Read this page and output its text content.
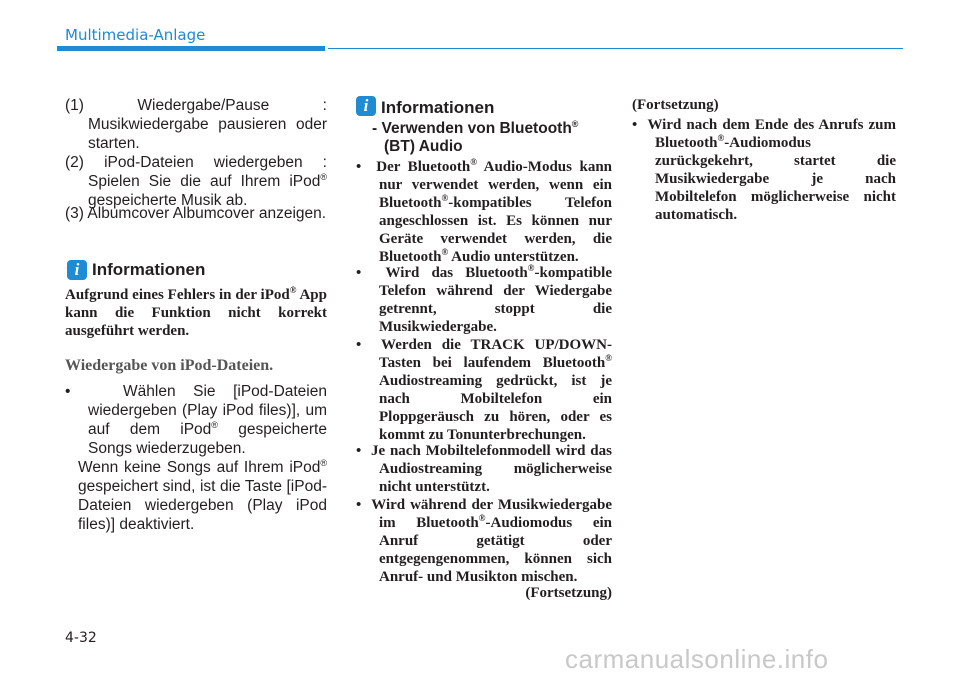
Multimedia-Anlage
(1)	Wiedergabe/Pause : Musikwiedergabe pausieren oder starten.
(2) iPod-Dateien wiedergeben : Spielen Sie die auf Ihrem iPod® gespeicherte Musik ab.
(3) Albumcover Albumcover anzeigen.
i Informationen
Aufgrund eines Fehlers in der iPod® App kann die Funktion nicht korrekt ausgeführt werden.
Wiedergabe von iPod-Dateien.
•	Wählen Sie [iPod-Dateien wiedergeben (Play iPod files)], um auf dem iPod® gespeicherte Songs wiederzugeben.
Wenn keine Songs auf Ihrem iPod® gespeichert sind, ist die Taste [iPod-Dateien wiedergeben (Play iPod files)] deaktiviert.
i Informationen
- Verwenden von Bluetooth®
(BT) Audio
• Der Bluetooth® Audio-Modus kann nur verwendet werden, wenn ein Bluetooth®-kompatibles Telefon angeschlossen ist. Es können nur Geräte verwendet werden, die Bluetooth® Audio unterstützen.
• Wird das Bluetooth®-kompatible Telefon während der Wiedergabe getrennt, stoppt die Musikwiedergabe.
• Werden die TRACK UP/DOWN-Tasten bei laufendem Bluetooth® Audiostreaming gedrückt, ist je nach Mobiltelefon ein Ploppgeräusch zu hören, oder es kommt zu Tonunterbrechungen.
• Je nach Mobiltelefonmodell wird das Audiostreaming möglicherweise nicht unterstützt.
• Wird während der Musikwiedergabe im Bluetooth®-Audiomodus ein Anruf getätigt oder entgegengenommen, können sich Anruf- und Musikton mischen.
(Fortsetzung)
(Fortsetzung)
• Wird nach dem Ende des Anrufs zum Bluetooth®-Audiomodus zurückgekehrt, startet die Musikwiedergabe je nach Mobiltelefon möglicherweise nicht automatisch.
4-32
carmanualsonline.info
